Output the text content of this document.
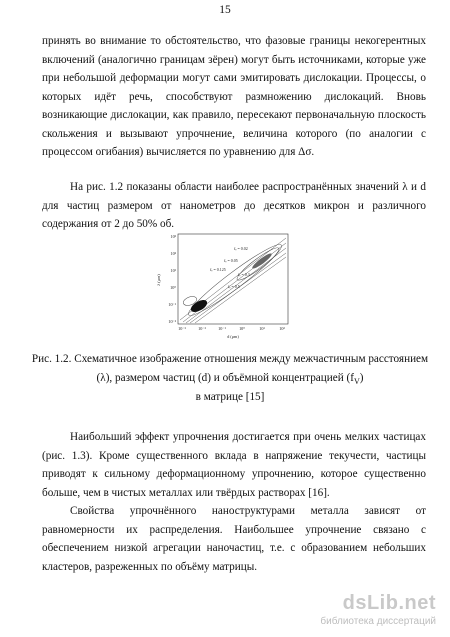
15

принять во внимание то обстоятельство, что фазовые границы некогерентных включений (аналогично границам зёрен) могут быть источниками, которые уже при небольшой деформации могут сами эмитировать дислокации. Процессы, о которых идёт речь, способствуют размножению дислокаций. Вновь возникающие дислокации, как правило, пересекают первоначальную плоскость скольжения и вызывают упрочнение, величина которого (по аналогии с процессом огибания) вычисляется по уравнению для Δσ.

На рис. 1.2 показаны области наиболее распространённых значений λ и d для частиц размером от нанометров до десятков микрон и различного содержания от 2 до 50% об.

10³
10²
10¹
10⁰
10⁻¹
10⁻²
λ (μm)
10⁻³	10⁻²	10⁻¹	10⁰	10¹	10²
d (μm)
fᵥ = 0.02
fᵥ = 0.05
fᵥ = 0.125
fᵥ = 0.3
fᵥ = 0.5

Рис. 1.2. Схематичное изображение отношения между межчастичным расстоянием

(λ), размером частиц (d) и объёмной концентрацией $(f_V)$

в матрице [15]

Наибольший эффект упрочнения достигается при очень мелких частицах (рис. 1.3). Кроме существенного вклада в напряжение текучести, частицы приводят к сильному деформационному упрочнению, которое существенно больше, чем в чистых металлах или твёрдых растворах [16].

Свойства упрочнённого наноструктурами металла зависят от равномерности их распределения. Наибольшее упрочнение связано с обеспечением низкой агрегации наночастиц, т.е. с образованием небольших кластеров, разреженных по объёму матрицы.

dsLib.net
библиотека диссертаций
